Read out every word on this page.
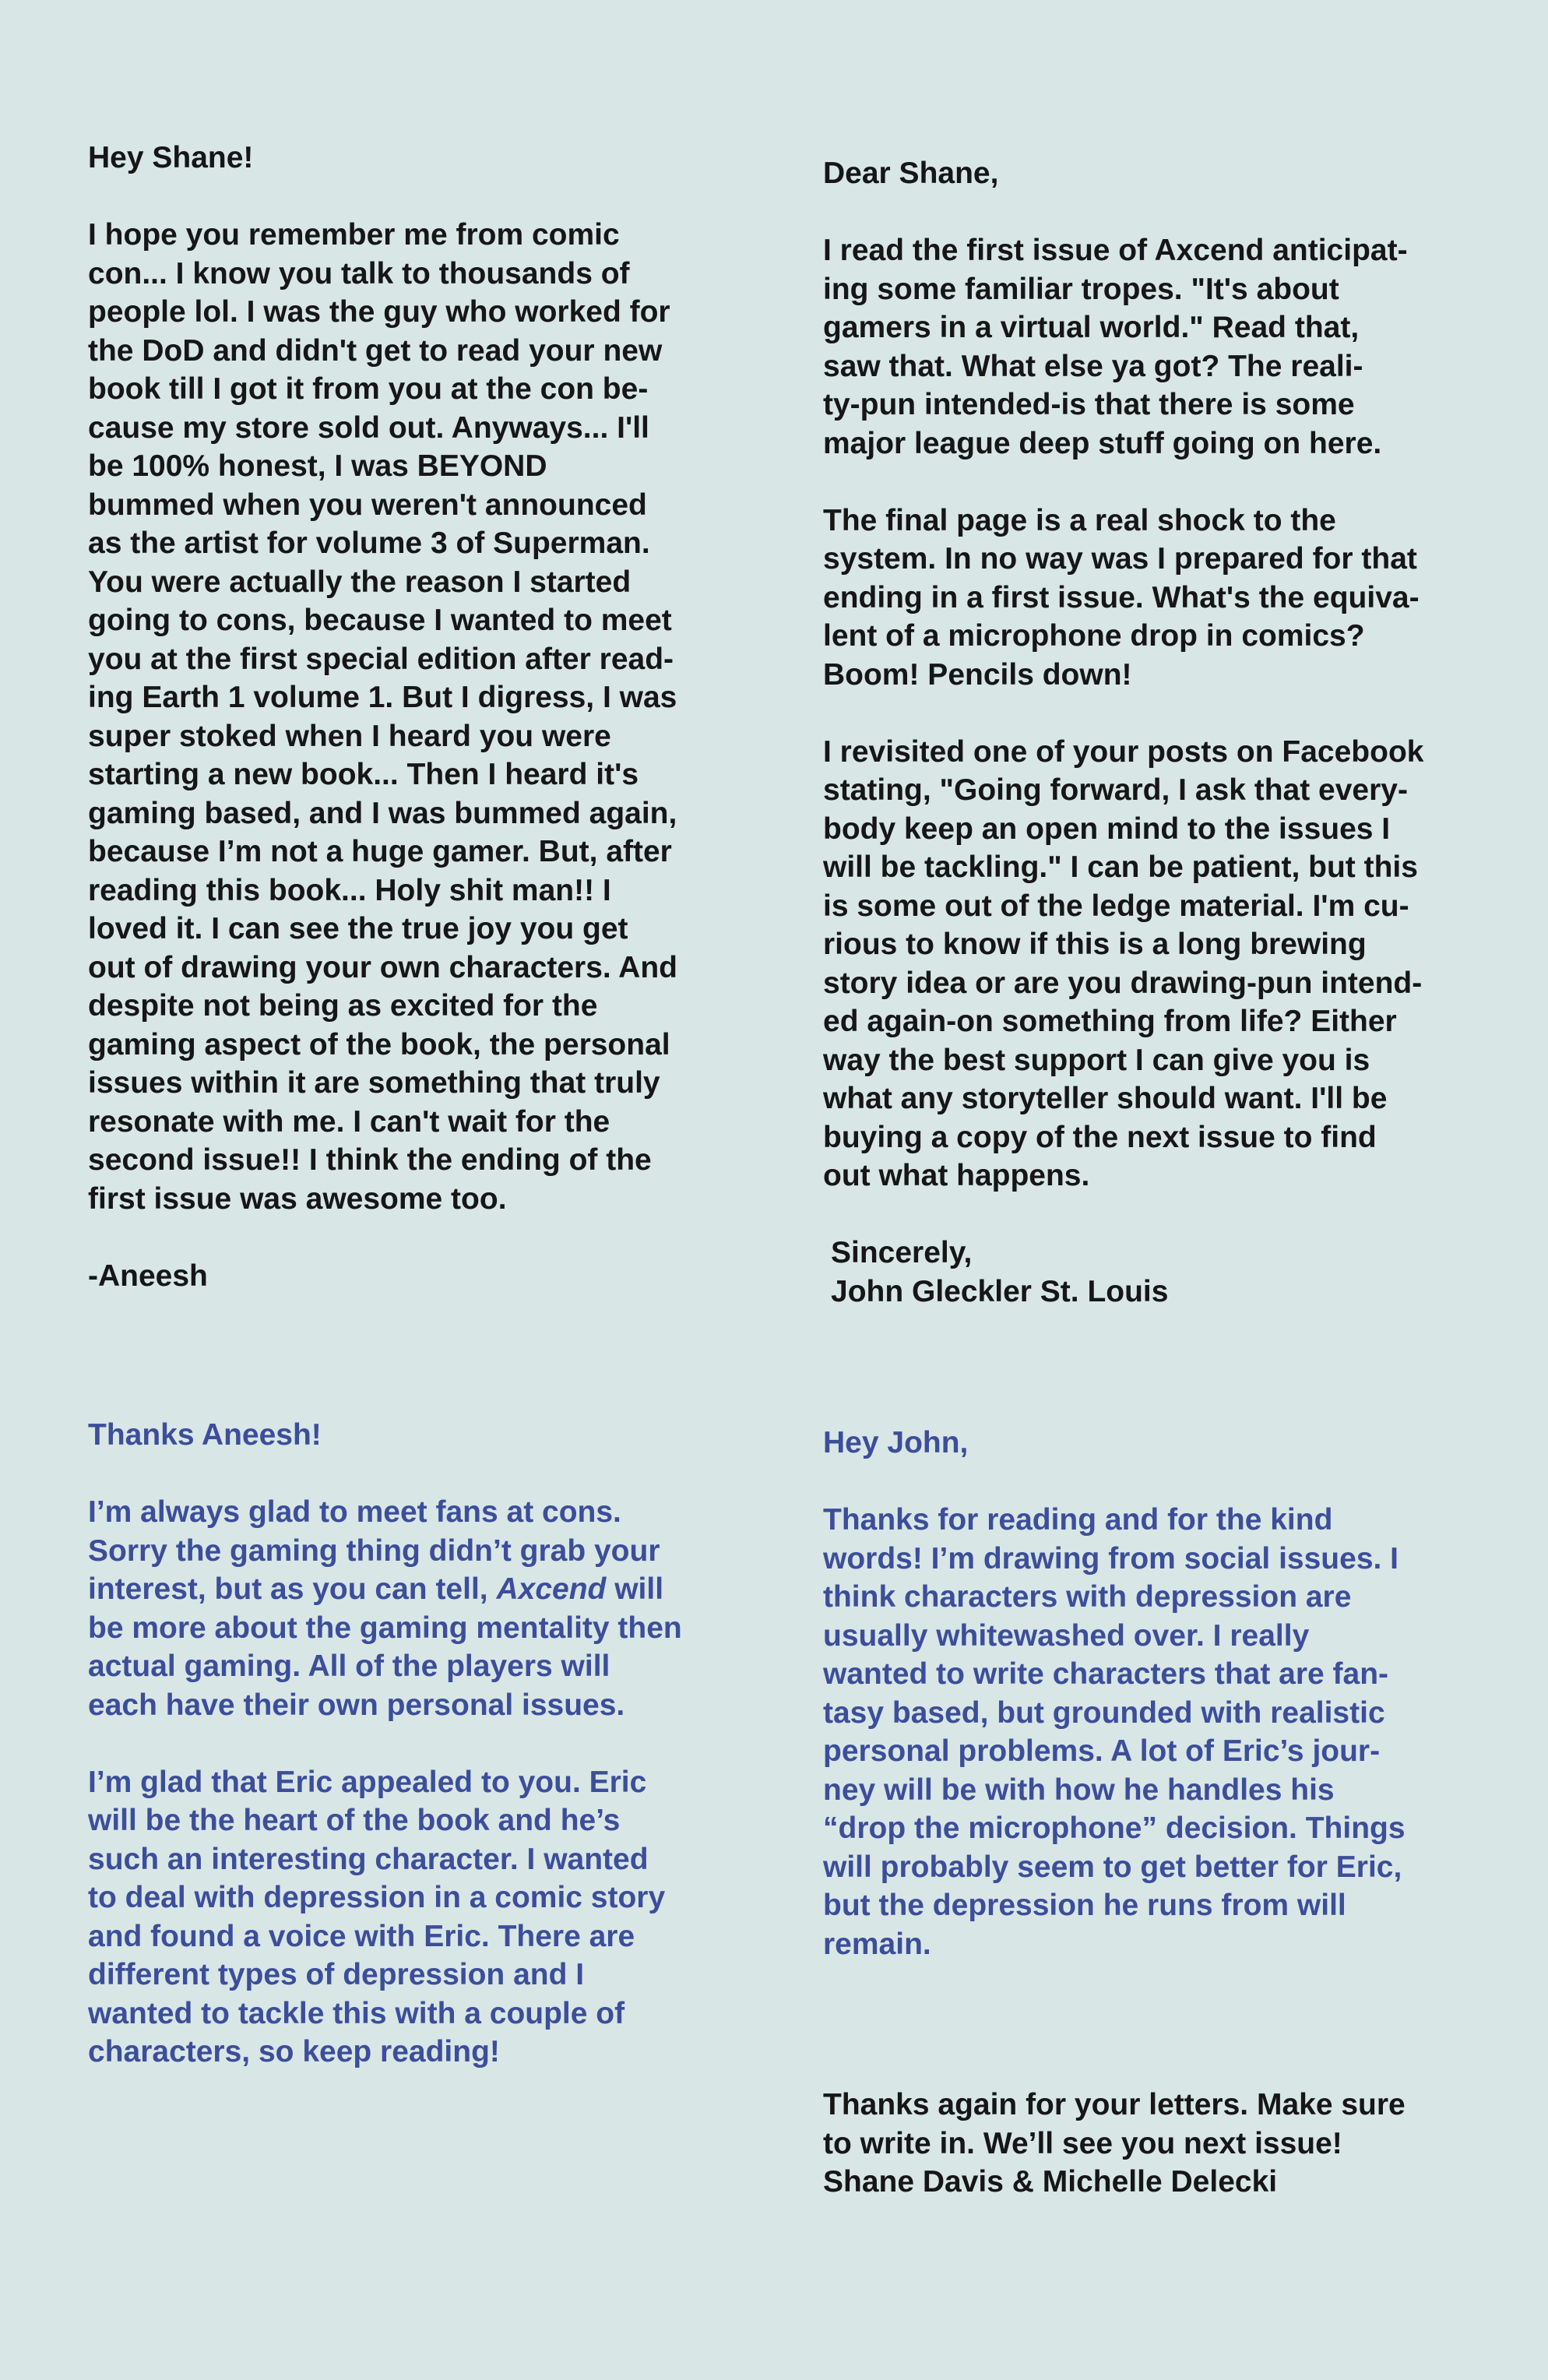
Hey Shane!

I hope you remember me from comic
con... I know you talk to thousands of
people lol. I was the guy who worked for
the DoD and didn't get to read your new
book till I got it from you at the con be-
cause my store sold out. Anyways... I'll
be 100% honest, I was BEYOND
bummed when you weren't announced
as the artist for volume 3 of Superman.
You were actually the reason I started
going to cons, because I wanted to meet
you at the first special edition after read-
ing Earth 1 volume 1. But I digress, I was
super stoked when I heard you were
starting a new book... Then I heard it's
gaming based, and I was bummed again,
because I’m not a huge gamer. But, after
reading this book... Holy shit man!! I
loved it. I can see the true joy you get
out of drawing your own characters. And
despite not being as excited for the
gaming aspect of the book, the personal
issues within it are something that truly
resonate with me. I can't wait for the
second issue!! I think the ending of the
first issue was awesome too.

-Aneesh

Dear Shane,

I read the first issue of Axcend anticipat-
ing some familiar tropes. "It's about
gamers in a virtual world." Read that,
saw that. What else ya got? The reali-
ty-pun intended-is that there is some
major league deep stuff going on here.

The final page is a real shock to the
system. In no way was I prepared for that
ending in a first issue. What's the equiva-
lent of a microphone drop in comics?
Boom! Pencils down!

I revisited one of your posts on Facebook
stating, "Going forward, I ask that every-
body keep an open mind to the issues I
will be tackling." I can be patient, but this
is some out of the ledge material. I'm cu-
rious to know if this is a long brewing
story idea or are you drawing-pun intend-
ed again-on something from life? Either
way the best support I can give you is
what any storyteller should want. I'll be
buying a copy of the next issue to find
out what happens.

Sincerely,

John Gleckler St. Louis

Thanks Aneesh!

I’m always glad to meet fans at cons.
Sorry the gaming thing didn’t grab your
interest, but as you can tell, Axcend will
be more about the gaming mentality then
actual gaming. All of the players will
each have their own personal issues.

I’m glad that Eric appealed to you. Eric
will be the heart of the book and he’s
such an interesting character. I wanted
to deal with depression in a comic story
and found a voice with Eric. There are
different types of depression and I
wanted to tackle this with a couple of
characters, so keep reading!

Hey John,

Thanks for reading and for the kind
words! I’m drawing from social issues. I
think characters with depression are
usually whitewashed over. I really
wanted to write characters that are fan-
tasy based, but grounded with realistic
personal problems. A lot of Eric’s jour-
ney will be with how he handles his
“drop the microphone” decision. Things
will probably seem to get better for Eric,
but the depression he runs from will
remain.

Thanks again for your letters. Make sure
to write in. We’ll see you next issue!

Shane Davis & Michelle Delecki
